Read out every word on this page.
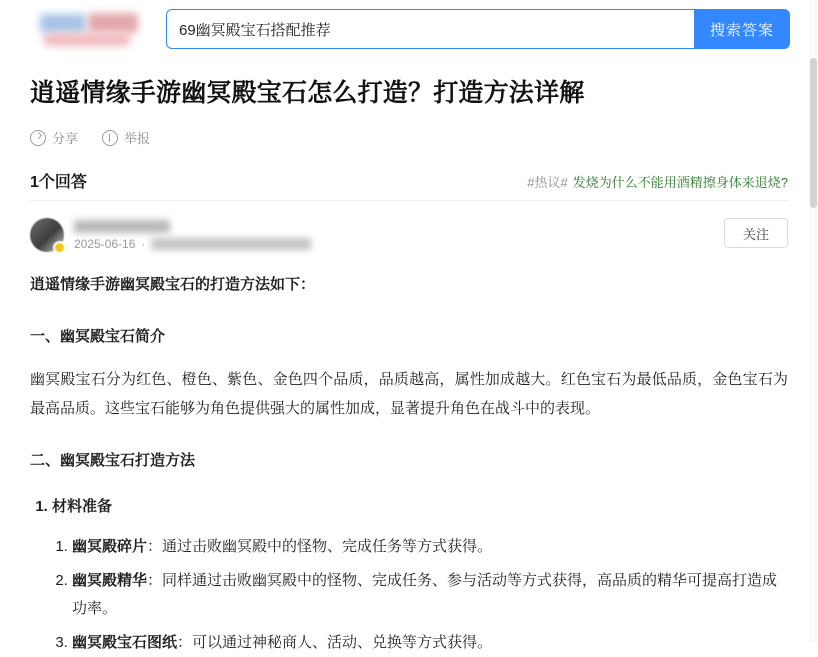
69幽冥殿宝石搭配推荐
搜索答案
逍遥情缘手游幽冥殿宝石怎么打造？打造方法详解
分享	举报
1个回答	#热议# 发烧为什么不能用酒精擦身体来退烧?
2025-06-16 ·
关注
逍遥情缘手游幽冥殿宝石的打造方法如下：
一、幽冥殿宝石简介

幽冥殿宝石分为红色、橙色、紫色、金色四个品质，品质越高，属性加成越大。红色宝石为最低品质，金色宝石为最高品质。这些宝石能够为角色提供强大的属性加成，显著提升角色在战斗中的表现。

二、幽冥殿宝石打造方法
1. 材料准备
1. 幽冥殿碎片：通过击败幽冥殿中的怪物、完成任务等方式获得。
2. 幽冥殿精华：同样通过击败幽冥殿中的怪物、完成任务、参与活动等方式获得，高品质的精华可提高打造成功率。
3. 幽冥殿宝石图纸：可以通过神秘商人、活动、兑换等方式获得。
